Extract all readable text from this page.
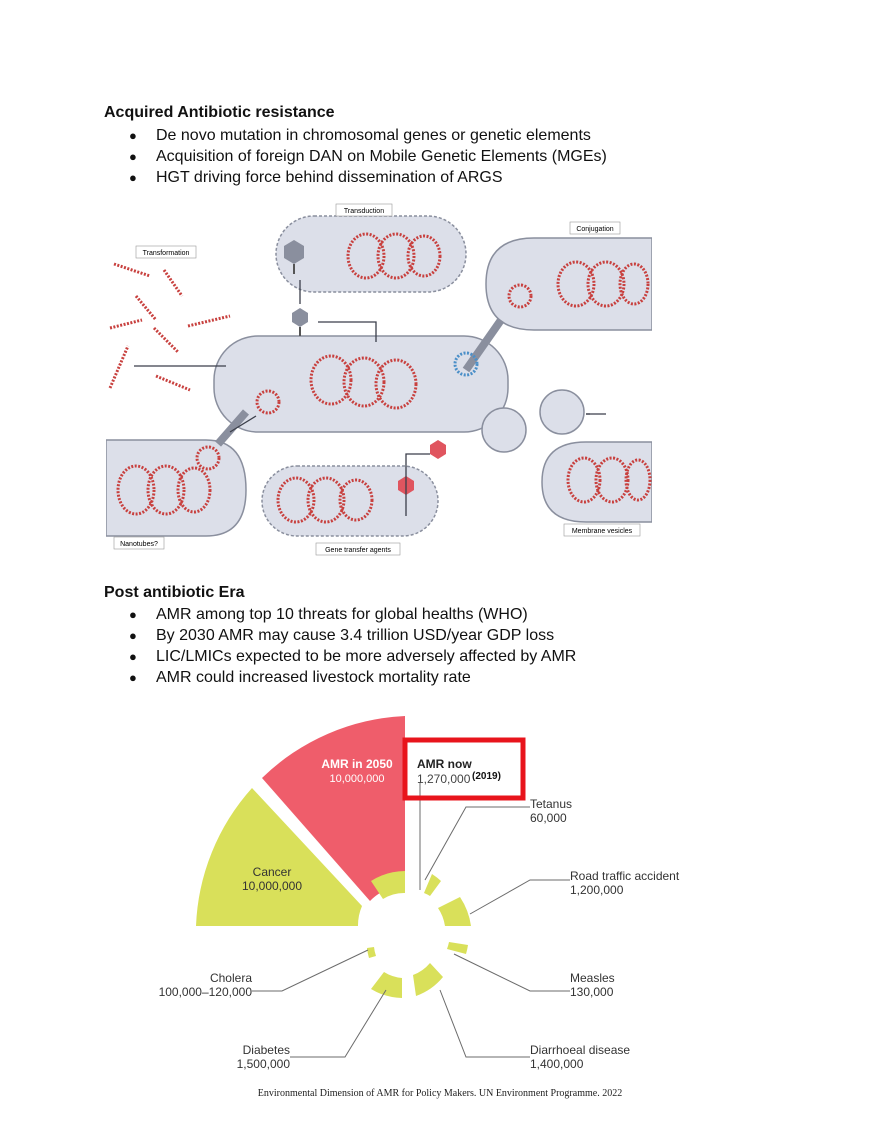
Acquired Antibiotic resistance

● De novo mutation in chromosomal genes or genetic elements
● Acquisition of foreign DAN on Mobile Genetic Elements (MGEs)
● HGT driving force behind dissemination of ARGS
Transduction
Transformation
Conjugation
Nanotubes?
Gene transfer agents
Membrane vesicles

Post antibiotic Era

● AMR among top 10 threats for global healths (WHO)
● By 2030 AMR may cause 3.4 trillion USD/year GDP loss
● LIC/LMICs expected to be more adversely affected by AMR
● AMR could increased livestock mortality rate
AMR in 2050
10,000,000
Cancer
10,000,000
AMR now
1,270,000 (2019)
Tetanus
60,000
Road traffic accident
1,200,000
Measles
130,000
Diarrhoeal disease
1,400,000
Diabetes
1,500,000
Cholera
100,000–120,000
Environmental Dimension of AMR for Policy Makers. UN Environment Programme. 2022
